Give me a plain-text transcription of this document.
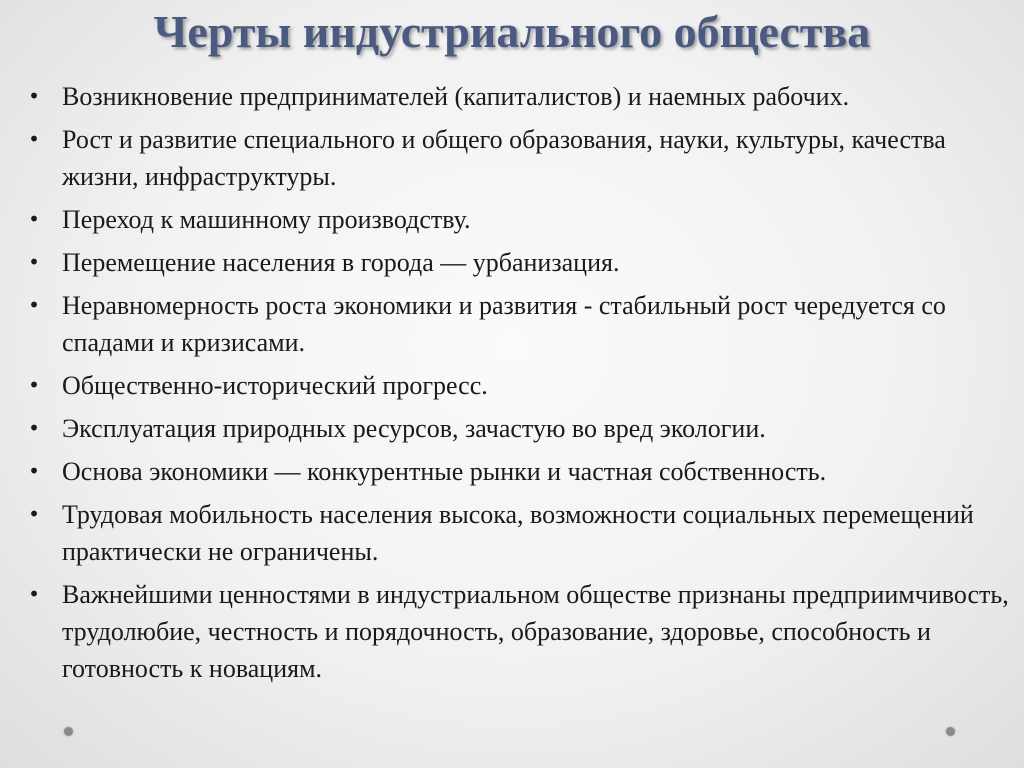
Черты индустриального общества
• Возникновение предпринимателей (капиталистов) и наемных рабочих.
• Рост и развитие специального и общего образования, науки, культуры, качества жизни, инфраструктуры.
• Переход к машинному производству.
• Перемещение населения в города — урбанизация.
• Неравномерность роста экономики и развития - стабильный рост чередуется со спадами и кризисами.
• Общественно-исторический прогресс.
• Эксплуатация природных ресурсов, зачастую во вред экологии.
• Основа экономики — конкурентные рынки и частная собственность.
• Трудовая мобильность населения высока, возможности социальных перемещений практически не ограничены.
• Важнейшими ценностями в индустриальном обществе признаны предприимчивость, трудолюбие, честность и порядочность, образование, здоровье, способность и готовность к новациям.
